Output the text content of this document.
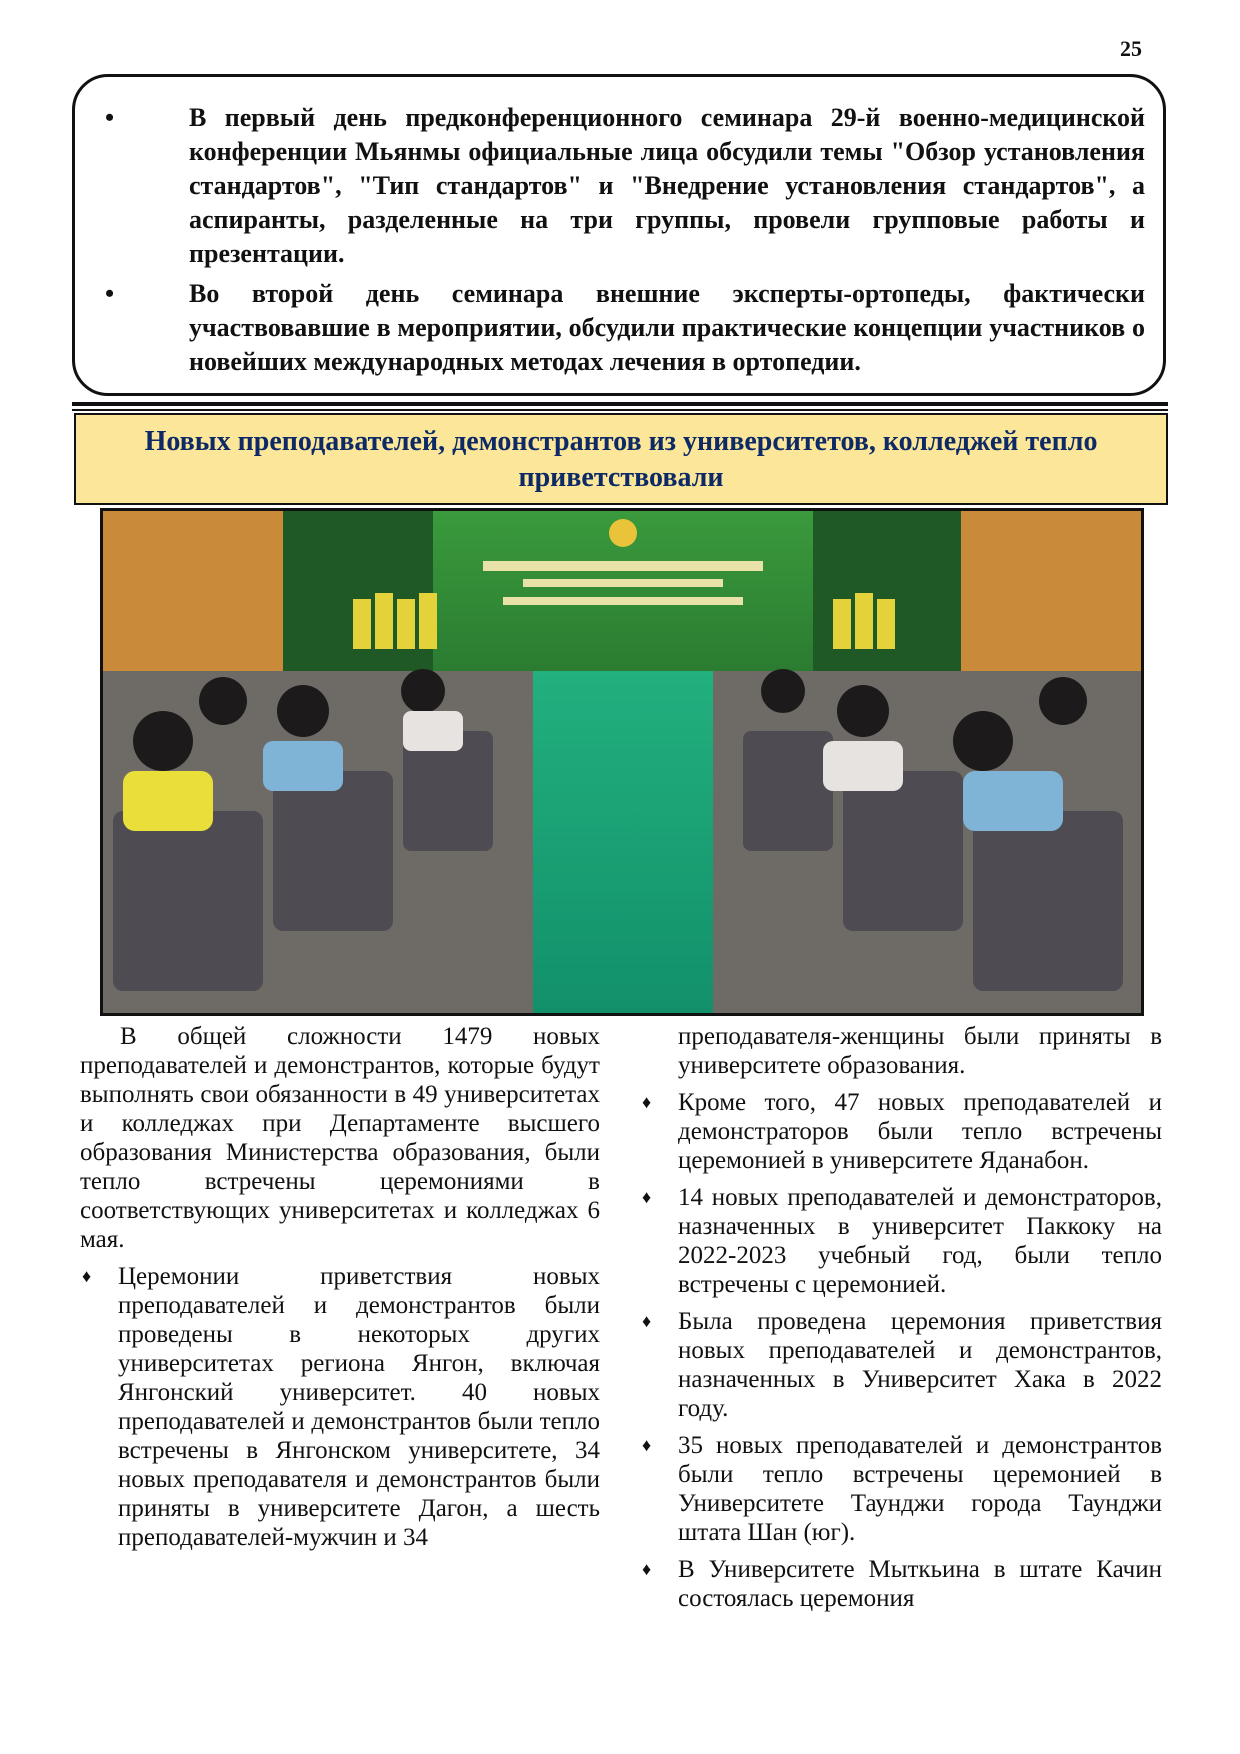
25
•	В первый день предконференционного семинара 29-й военно-медицинской конференции Мьянмы официальные лица обсудили темы "Обзор установления стандартов", "Тип стандартов" и "Внедрение установления стандартов", а аспиранты, разделенные на три группы, провели групповые работы и презентации.
•	Во второй день семинара внешние эксперты-ортопеды, фактически участвовавшие в мероприятии, обсудили практические концепции участников о новейших международных методах лечения в ортопедии.
Новых преподавателей, демонстрантов из университетов, колледжей тепло приветствовали

В общей сложности 1479 новых преподавателей и демонстрантов, которые будут выполнять свои обязанности в 49 университетах и колледжах при Департаменте высшего образования Министерства образования, были тепло встречены церемониями в соответствующих университетах и колледжах 6 мая.

♦ Церемонии приветствия новых преподавателей и демонстрантов были проведены в некоторых других университетах региона Янгон, включая Янгонский университет. 40 новых преподавателей и демонстрантов были тепло встречены в Янгонском университете, 34 новых преподавателя и демонстрантов были приняты в университете Дагон, а шесть преподавателей-мужчин и 34

преподавателя-женщины были приняты в университете образования.

♦ Кроме того, 47 новых преподавателей и демонстраторов были тепло встречены церемонией в университете Яданабон.
♦ 14 новых преподавателей и демонстраторов, назначенных в университет Паккоку на 2022-2023 учебный год, были тепло встречены с церемонией.
♦ Была проведена церемония приветствия новых преподавателей и демонстрантов, назначенных в Университет Хака в 2022 году.
♦ 35 новых преподавателей и демонстрантов были тепло встречены церемонией в Университете Таунджи города Таунджи штата Шан (юг).
♦ В Университете Мыткьина в штате Качин состоялась церемония
